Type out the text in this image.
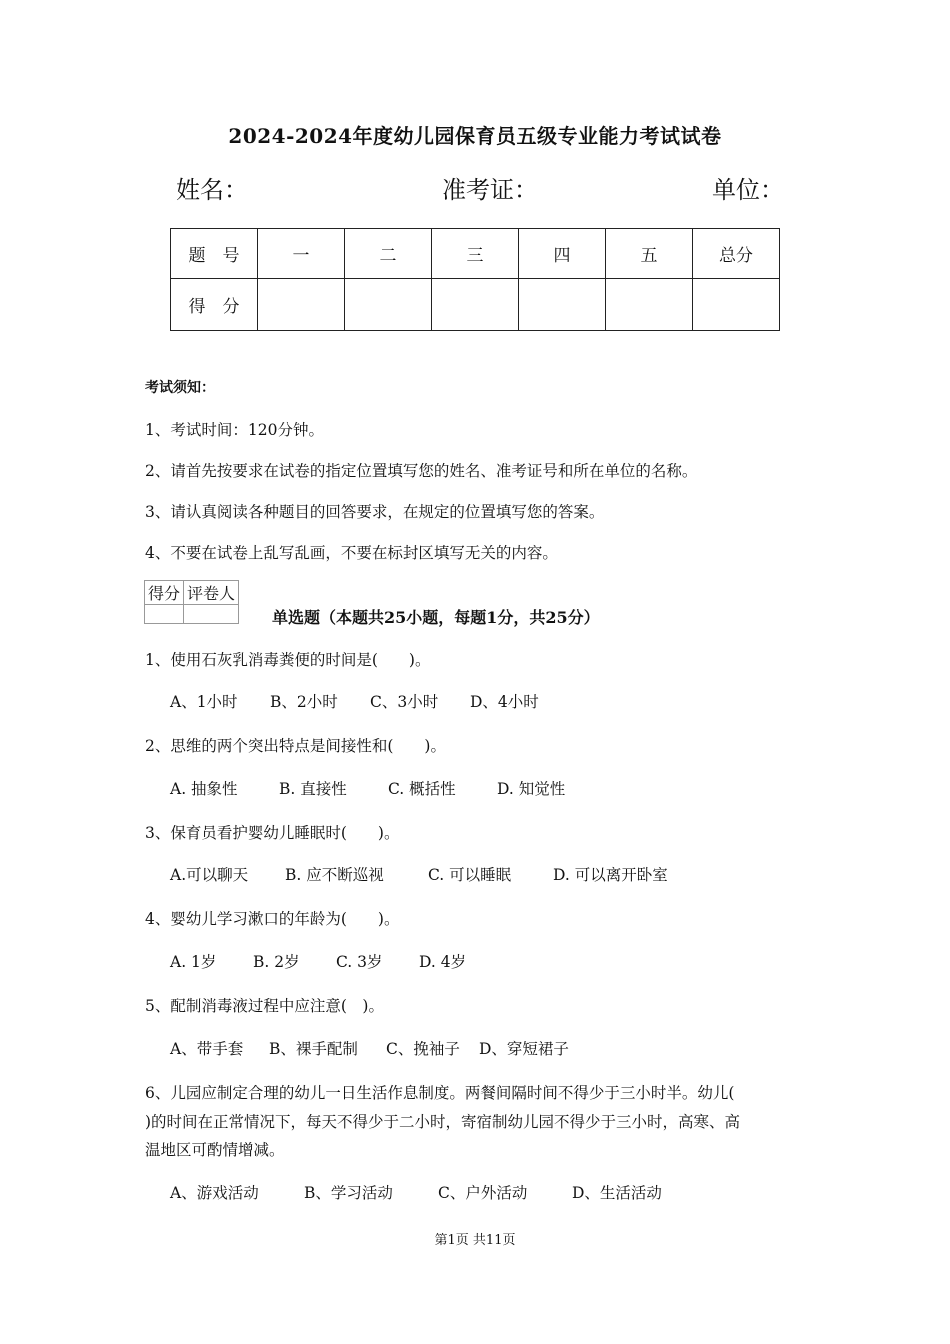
2024-2024年度幼儿园保育员五级专业能力考试试卷
姓名：	准考证：	单位：
题　号	一	二	三	四	五	总分
得　分						
考试须知：
1、考试时间：120分钟。
2、请首先按要求在试卷的指定位置填写您的姓名、准考证号和所在单位的名称。
3、请认真阅读各种题目的回答要求，在规定的位置填写您的答案。
4、不要在试卷上乱写乱画，不要在标封区填写无关的内容。
得分	评卷人

单选题（本题共25小题，每题1分，共25分）
1、使用石灰乳消毒粪便的时间是(　　)。
A、1小时 B、2小时 C、3小时 D、4小时
2、思维的两个突出特点是间接性和(　　)。
A. 抽象性	B. 直接性	C. 概括性	D. 知觉性
3、保育员看护婴幼儿睡眠时(　　)。
A.可以聊天 B. 应不断巡视	C. 可以睡眠	D. 可以离开卧室
4、婴幼儿学习漱口的年龄为(　　)。
A. 1岁 B. 2岁 C. 3岁 D. 4岁
5、配制消毒液过程中应注意(　)。
A、带手套 B、裸手配制 C、挽袖子 D、穿短裙子
6、儿园应制定合理的幼儿一日生活作息制度。两餐间隔时间不得少于三小时半。幼儿(
)的时间在正常情况下，每天不得少于二小时，寄宿制幼儿园不得少于三小时，高寒、高
温地区可酌情增减。
A、游戏活动	B、学习活动	C、户外活动	D、生活活动
第1页 共11页
